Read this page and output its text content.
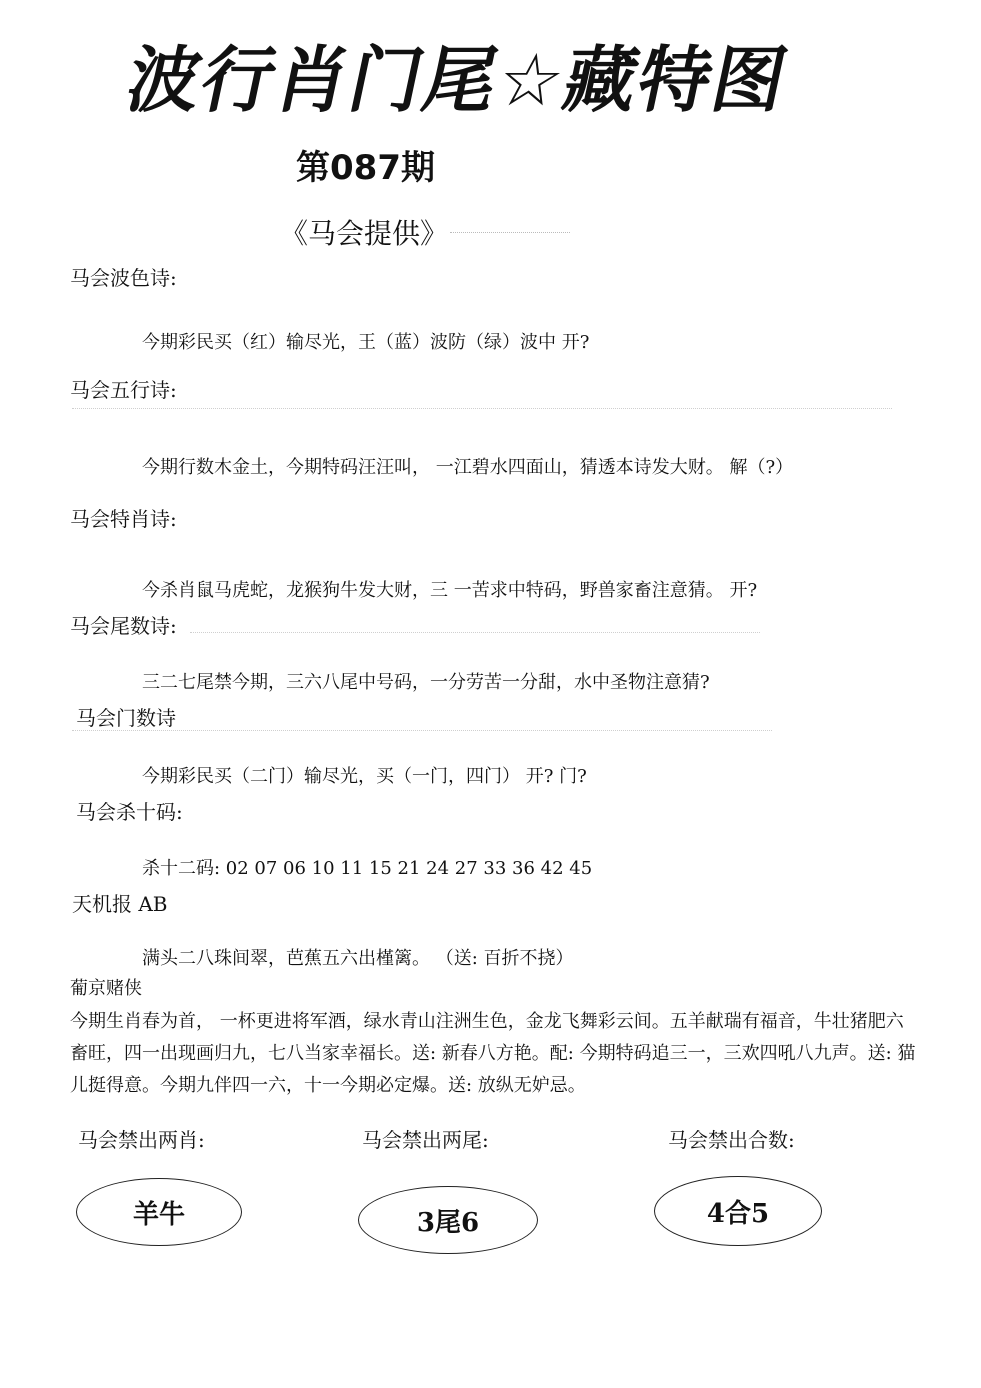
波行肖门尾☆藏特图
第087期
《马会提供》
马会波色诗:
今期彩民买（红）输尽光，王（蓝）波防（绿）波中 开?
马会五行诗:
今期行数木金土，今期特码汪汪叫， 一江碧水四面山，猜透本诗发大财。 解（?）
马会特肖诗:
今杀肖鼠马虎蛇，龙猴狗牛发大财，三 一苦求中特码，野兽家畜注意猜。 开?
马会尾数诗:
三二七尾禁今期，三六八尾中号码，一分劳苦一分甜，水中圣物注意猜?
马会门数诗
今期彩民买（二门）输尽光，买（一门，四门） 开? 门?
马会杀十码:
杀十二码: 02 07 06 10 11 15 21 24 27 33 36 42 45
天机报 AB
满头二八珠间翠，芭蕉五六出槿篱。 （送: 百折不挠）
葡京赌侠
今期生肖春为首， 一杯更进将军酒，绿水青山注洲生色，金龙飞舞彩云间。五羊献瑞有福音，牛壮猪肥六畜旺，四一出现画归九，七八当家幸福长。送: 新春八方艳。配: 今期特码追三一，三欢四吼八九声。送: 猫儿挺得意。今期九伴四一六，十一今期必定爆。送: 放纵无妒忌。
马会禁出两肖:	马会禁出两尾:	马会禁出合数:
羊牛	3尾6	4合5
